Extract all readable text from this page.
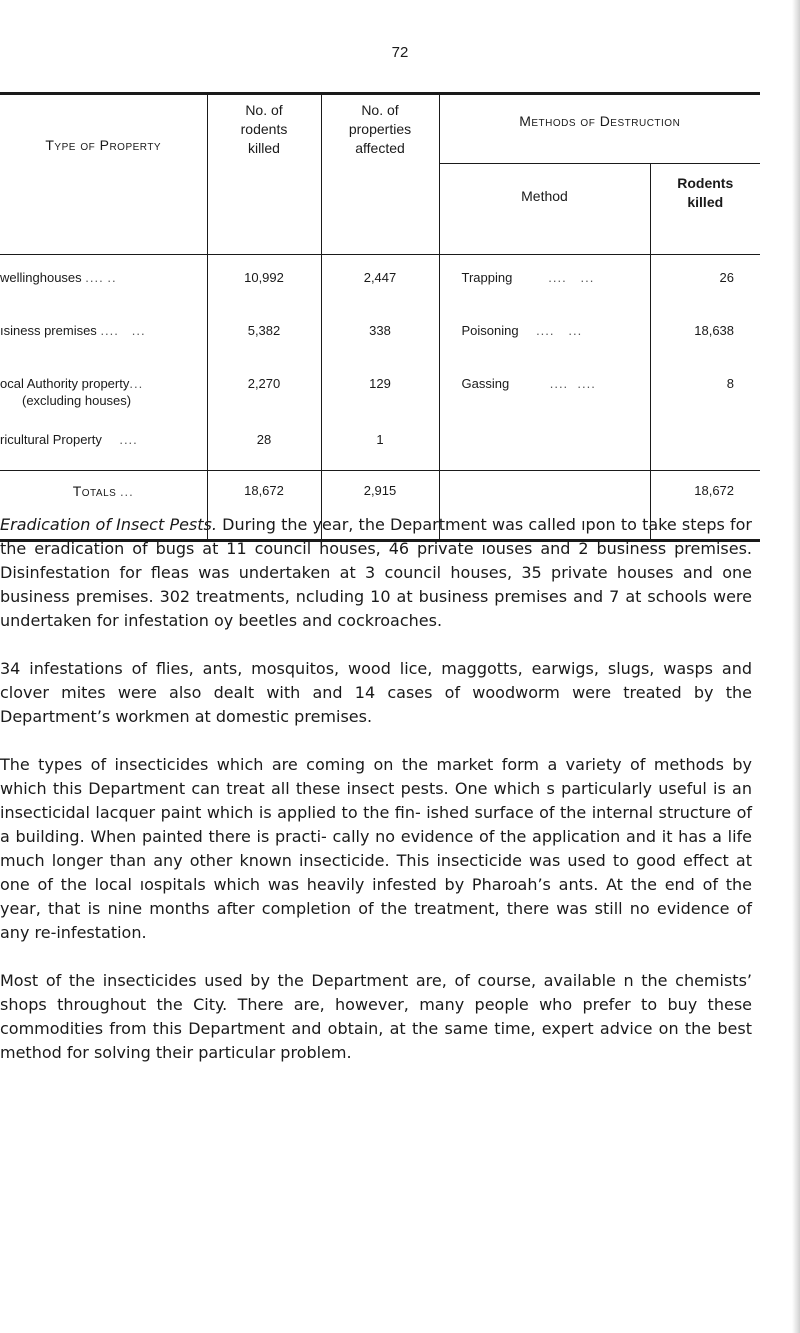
72
Type of Property	No. of
rodents
killed	No. of
properties
affected	Methods of Destruction	
			Method	Rodents
killed
wellinghouses .... ..	10,992	2,447	Trapping        ....   ...	26
ısiness premises ....   ...	5,382	338	Poisoning    ....   ...	18,638
ocal Authority property...
(excluding houses)	2,270	129	Gassing         ....  ....	8
ricultural Property    ....	28	1		
Totals ...	18,672	2,915		18,672

Eradication of Insect Pests. During the year, the Department was called ıpon to take steps for the eradication of bugs at 11 council houses, 46 private ıouses and 2 business premises. Disinfestation for fleas was undertaken at 3 council houses, 35 private houses and one business premises. 302 treatments, ncluding 10 at business premises and 7 at schools were undertaken for infestation oy beetles and cockroaches.

34 infestations of flies, ants, mosquitos, wood lice, maggotts, earwigs, slugs, wasps and clover mites were also dealt with and 14 cases of woodworm were treated by the Department’s workmen at domestic premises.

The types of insecticides which are coming on the market form a variety of methods by which this Department can treat all these insect pests. One which s particularly useful is an insecticidal lacquer paint which is applied to the fin- ished surface of the internal structure of a building. When painted there is practi- cally no evidence of the application and it has a life much longer than any other known insecticide. This insecticide was used to good effect at one of the local ıospitals which was heavily infested by Pharoah’s ants. At the end of the year, that is nine months after completion of the treatment, there was still no evidence of any re-infestation.

Most of the insecticides used by the Department are, of course, available n the chemists’ shops throughout the City. There are, however, many people who prefer to buy these commodities from this Department and obtain, at the same time, expert advice on the best method for solving their particular problem.
